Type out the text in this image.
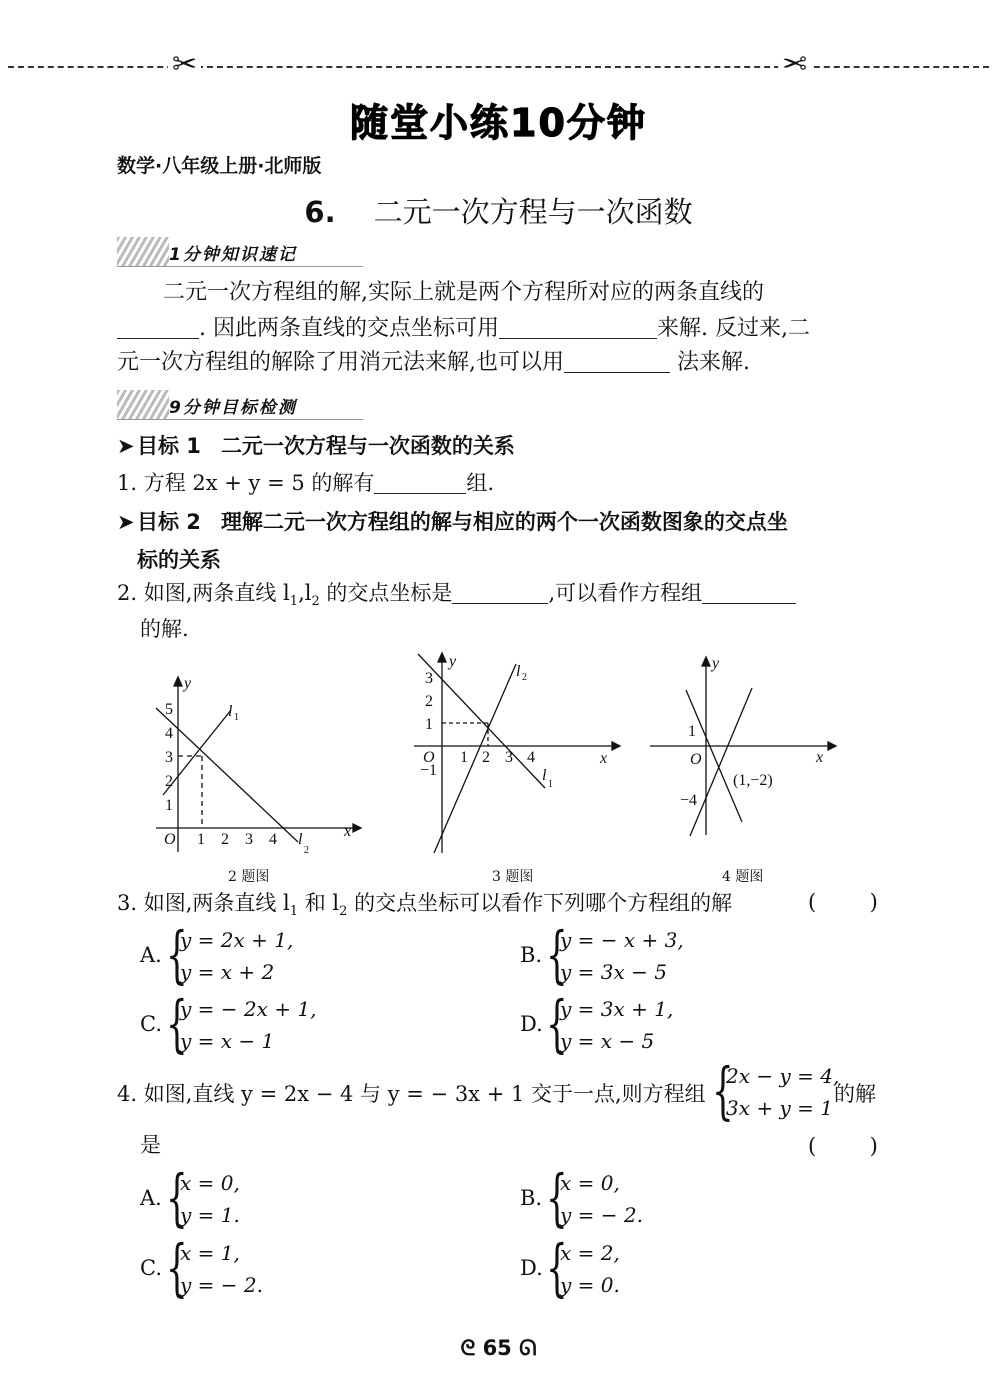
✂	✂
随堂小练10分钟
数学·八年级上册·北师版
6. 二元一次方程与一次函数
1分钟知识速记
二元一次方程组的解,实际上就是两个方程所对应的两条直线的
. 因此两条直线的交点坐标可用	来解. 反过来,二
元一次方程组的解除了用消元法来解,也可以用	法来解.
9分钟目标检测
➤ 目标 1 二元一次方程与一次函数的关系
1. 方程 2x + y = 5 的解有	组.
➤ 目标 2 理解二元一次方程组的解与相应的两个一次函数图象的交点坐
标的关系
2. 如图,两条直线 $l_1,l_2$ 的交点坐标是	,可以看作方程组
的解.
y
x
O 1 2 3 4
1
2
3
4
5	l 1
l
2
2 题图
y
x
O 1 2 3 4
3
2
1
−1
l 2
l
1
3 题图
y
x
O
1
−4
(1,−2)
4 题图
3. 如图,两条直线 $l_1$ 和 $l_2$ 的交点坐标可以看作下列哪个方程组的解	(        )
A. {
y = 2x + 1,
y = x + 2
B. {
y = − x + 3,
y = 3x − 5
C. {
y = − 2x + 1,
y = x − 1
D. {
y = 3x + 1,
y = x − 5
4. 如图,直线 y = 2x − 4 与 y = − 3x + 1 交于一点,则方程组 {
2x − y = 4,
3x + y = 1
的解
是	(        )
A. {
x = 0,
y = 1.
B. {
x = 0,
y = − 2.
C. {
x = 1,
y = − 2.
D. {
x = 2,
y = 0.
ᘓ 65 ᘏ
